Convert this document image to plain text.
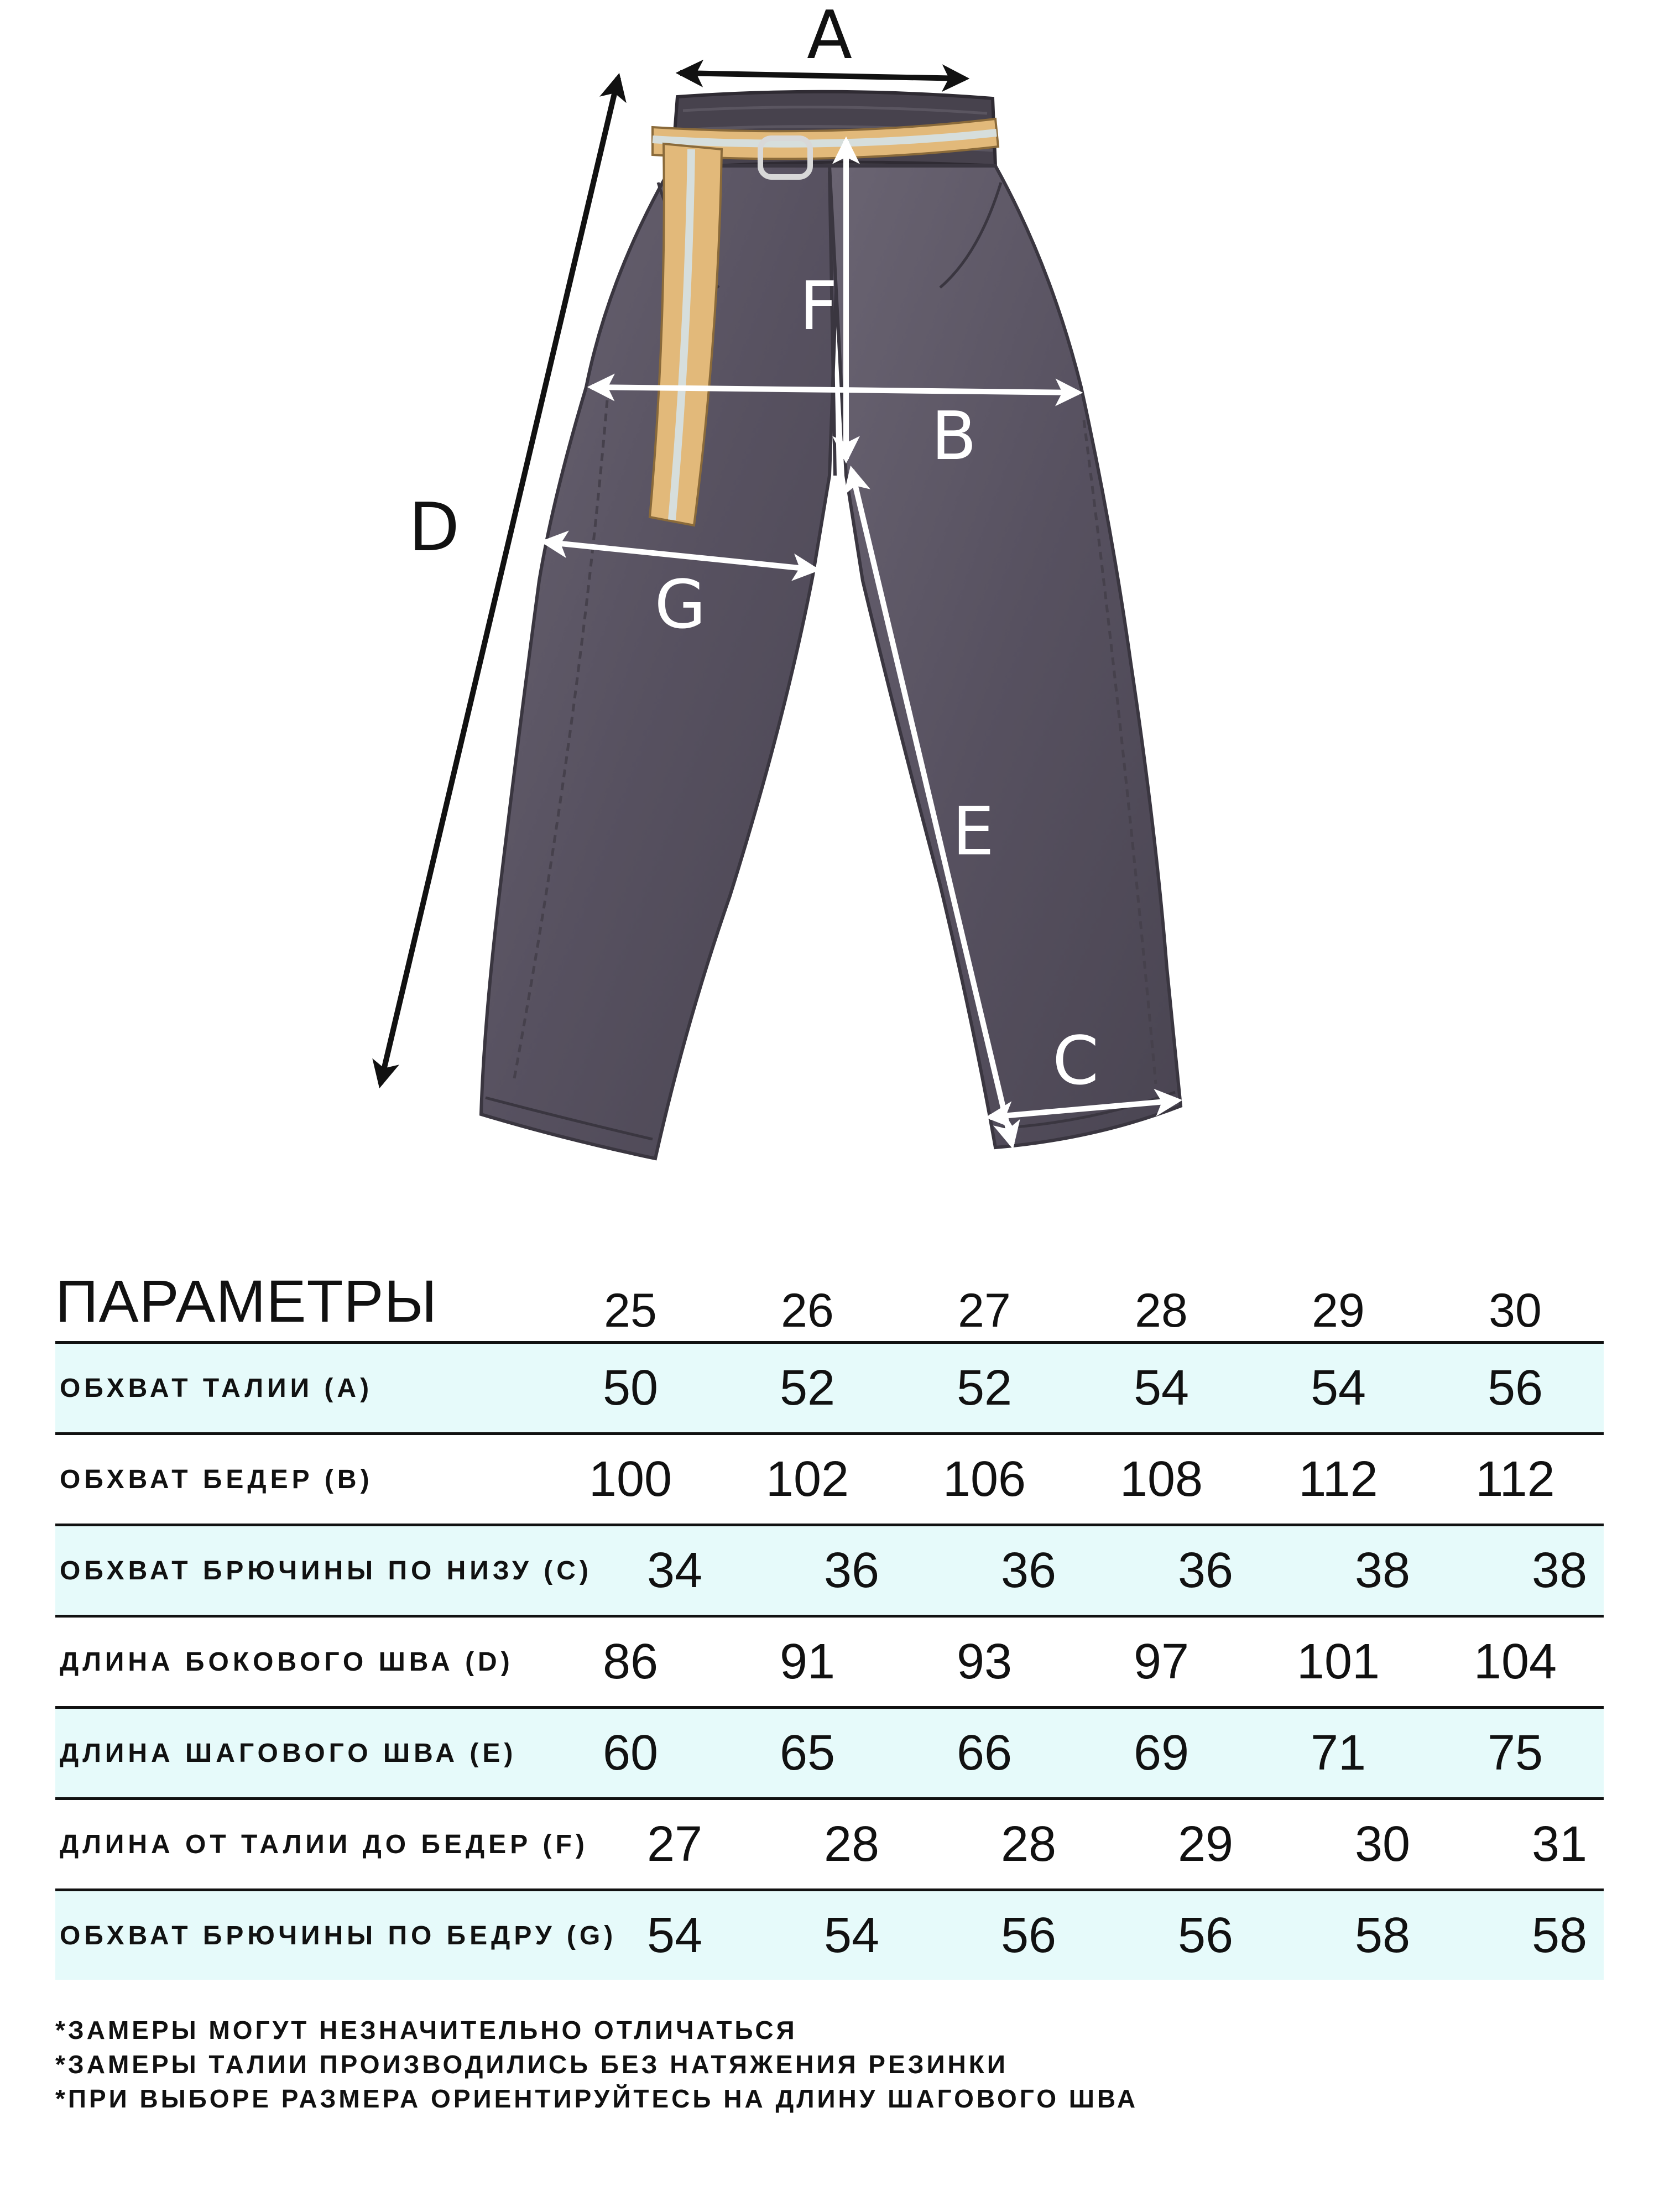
A
D
F
B
G
E
C
ПАРАМЕТРЫ	25	26	27	28	29	30
ОБХВАТ ТАЛИИ (А)	50	52	52	54	54	56
ОБХВАТ БЕДЕР (B)	100	102	106	108	112	112
ОБХВАТ БРЮЧИНЫ ПО НИЗУ (С)	34	36	36	36	38	38
ДЛИНА БОКОВОГО ШВА (D)	86	91	93	97	101	104
ДЛИНА ШАГОВОГО ШВА (Е)	60	65	66	69	71	75
ДЛИНА ОТ ТАЛИИ ДО БЕДЕР (F)	27	28	28	29	30	31
ОБХВАТ БРЮЧИНЫ ПО БЕДРУ (G) 54	54	56	56	58	58
*ЗАМЕРЫ МОГУТ НЕЗНАЧИТЕЛЬНО ОТЛИЧАТЬСЯ
*ЗАМЕРЫ ТАЛИИ ПРОИЗВОДИЛИСЬ БЕЗ НАТЯЖЕНИЯ РЕЗИНКИ
*ПРИ ВЫБОРЕ РАЗМЕРА ОРИЕНТИРУЙТЕСЬ НА ДЛИНУ ШАГОВОГО ШВА
